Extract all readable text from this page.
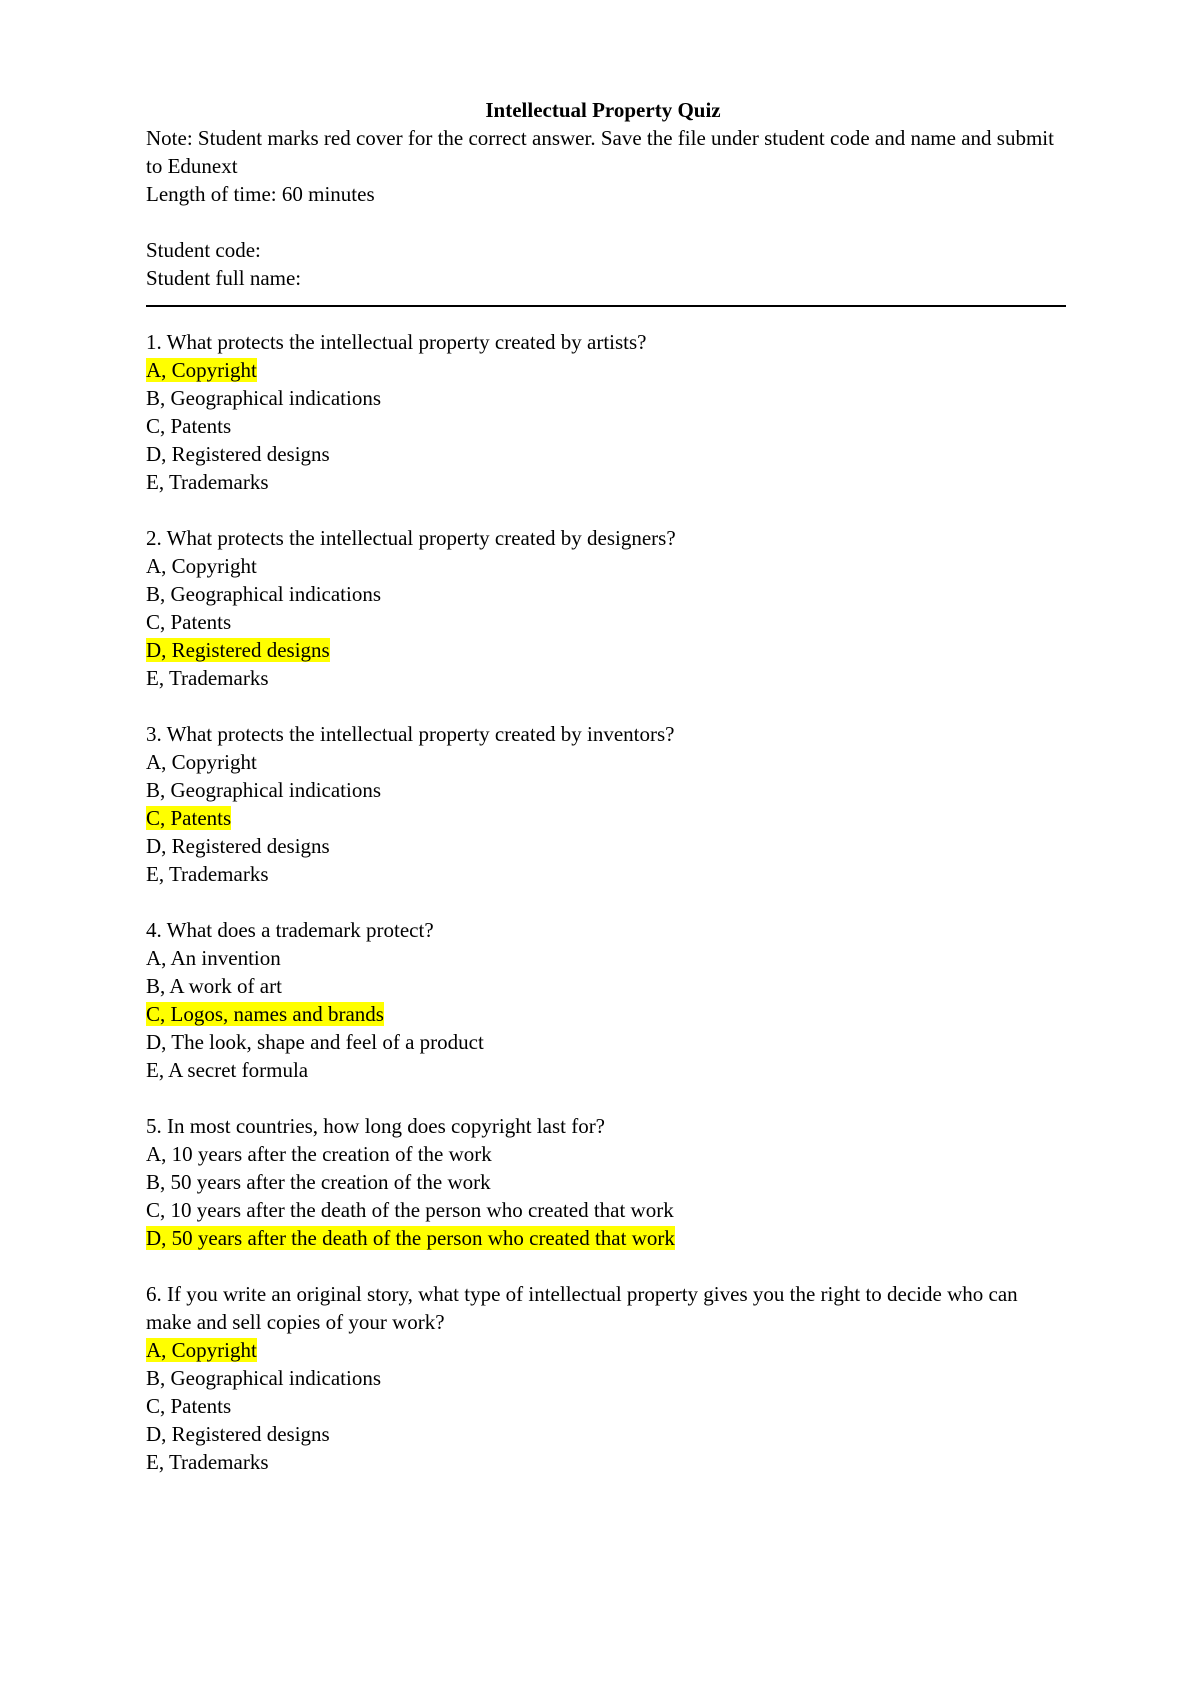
Intellectual Property Quiz
Note: Student marks red cover for the correct answer. Save the file under student code and name and submit to Edunext
Length of time: 60 minutes
Student code:
Student full name:
1. What protects the intellectual property created by artists?
A, Copyright
B, Geographical indications
C, Patents
D, Registered designs
E, Trademarks
2. What protects the intellectual property created by designers?
A, Copyright
B, Geographical indications
C, Patents
D, Registered designs
E, Trademarks
3. What protects the intellectual property created by inventors?
A, Copyright
B, Geographical indications
C, Patents
D, Registered designs
E, Trademarks
4. What does a trademark protect?
A, An invention
B, A work of art
C, Logos, names and brands
D, The look, shape and feel of a product
E, A secret formula
5. In most countries, how long does copyright last for?
A, 10 years after the creation of the work
B, 50 years after the creation of the work
C, 10 years after the death of the person who created that work
D, 50 years after the death of the person who created that work
6. If you write an original story, what type of intellectual property gives you the right to decide who can make and sell copies of your work?
A, Copyright
B, Geographical indications
C, Patents
D, Registered designs
E, Trademarks
